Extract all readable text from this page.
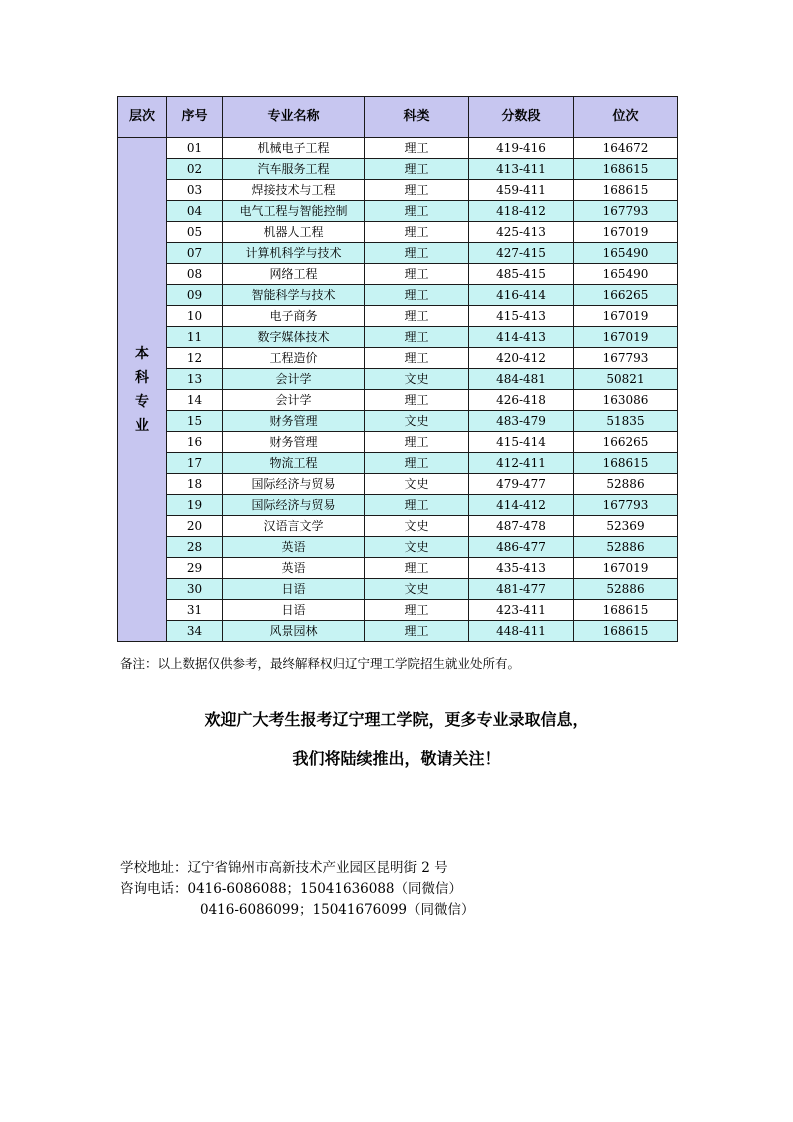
层次	序号	专业名称	科类	分数段	位次
本科专业	01	机械电子工程	理工	419-416	164672
	02	汽车服务工程	理工	413-411	168615
	03	焊接技术与工程	理工	459-411	168615
	04	电气工程与智能控制	理工	418-412	167793
	05	机器人工程	理工	425-413	167019
	07	计算机科学与技术	理工	427-415	165490
	08	网络工程	理工	485-415	165490
	09	智能科学与技术	理工	416-414	166265
	10	电子商务	理工	415-413	167019
	11	数字媒体技术	理工	414-413	167019
	12	工程造价	理工	420-412	167793
	13	会计学	文史	484-481	50821
	14	会计学	理工	426-418	163086
	15	财务管理	文史	483-479	51835
	16	财务管理	理工	415-414	166265
	17	物流工程	理工	412-411	168615
	18	国际经济与贸易	文史	479-477	52886
	19	国际经济与贸易	理工	414-412	167793
	20	汉语言文学	文史	487-478	52369
	28	英语	文史	486-477	52886
	29	英语	理工	435-413	167019
	30	日语	文史	481-477	52886
	31	日语	理工	423-411	168615
	34	风景园林	理工	448-411	168615

备注：以上数据仅供参考，最终解释权归辽宁理工学院招生就业处所有。

欢迎广大考生报考辽宁理工学院，更多专业录取信息，

我们将陆续推出，敬请关注！

学校地址：辽宁省锦州市高新技术产业园区昆明街 2 号
咨询电话：0416-6086088；15041636088（同微信）
0416-6086099；15041676099（同微信）
